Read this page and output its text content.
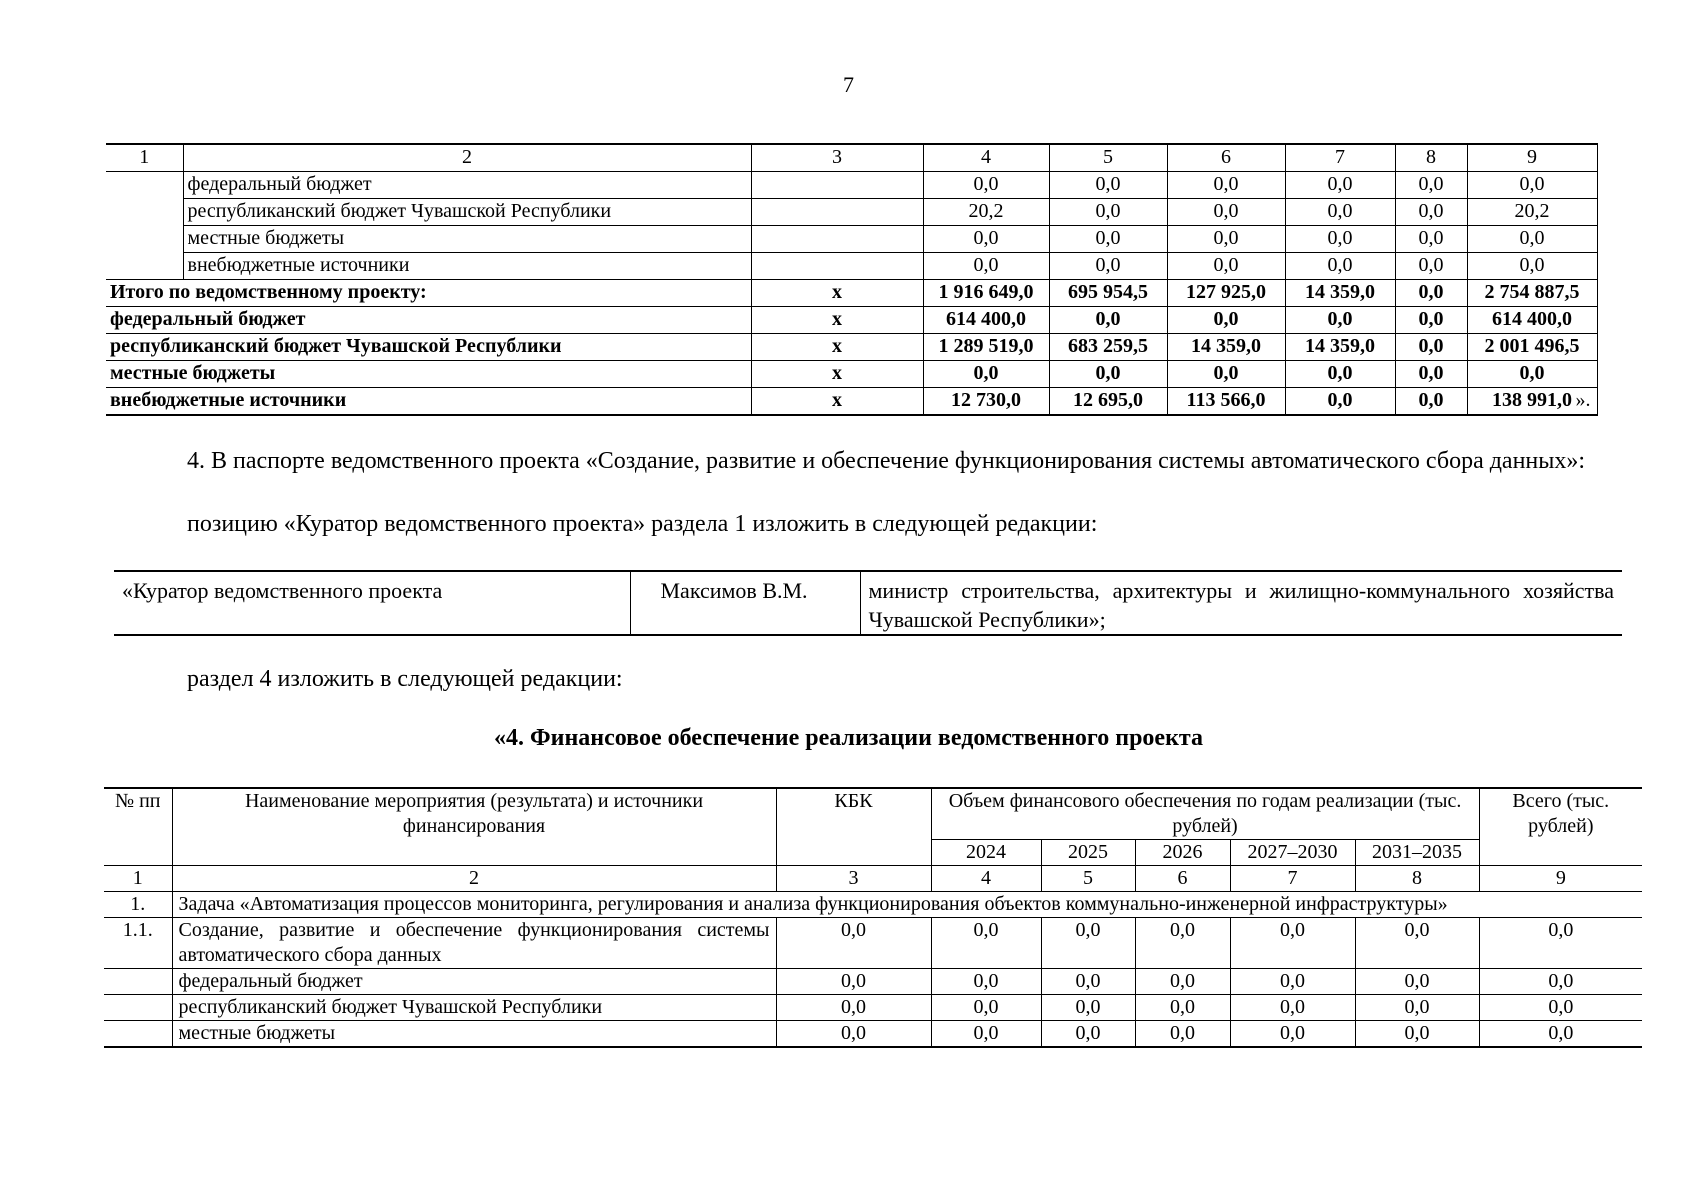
7
1	2	3	4	5	6	7	8	9
	федеральный бюджет		0,0	0,0	0,0	0,0	0,0	0,0
	республиканский бюджет Чувашской Республики		20,2	0,0	0,0	0,0	0,0	20,2
	местные бюджеты		0,0	0,0	0,0	0,0	0,0	0,0
	внебюджетные источники		0,0	0,0	0,0	0,0	0,0	0,0
Итого по ведомственному проекту:		x	1 916 649,0	695 954,5	127 925,0	14 359,0	0,0	2 754 887,5
федеральный бюджет		x	614 400,0	0,0	0,0	0,0	0,0	614 400,0
республиканский бюджет Чувашской Республики		x	1 289 519,0	683 259,5	14 359,0	14 359,0	0,0	2 001 496,5
местные бюджеты		x	0,0	0,0	0,0	0,0	0,0	0,0
внебюджетные источники		x	12 730,0	12 695,0	113 566,0	0,0	0,0	138 991,0 ».
4. В паспорте ведомственного проекта «Создание, развитие и обеспечение функционирования системы автоматического сбора данных»:
позицию «Куратор ведомственного проекта» раздела 1 изложить в следующей редакции:
«Куратор ведомственного проекта	Максимов В.М.	министр строительства, архитектуры и жилищно-коммунального хозяйства Чувашской Республики»;
раздел 4 изложить в следующей редакции:
«4. Финансовое обеспечение реализации ведомственного проекта
№ пп	Наименование мероприятия (результата) и источники финансирования	КБК	Объем финансового обеспечения по годам реализации (тыс. рублей)					Всего (тыс. рублей)
			2024	2025	2026	2027–2030	2031–2035	
1	2	3	4	5	6	7	8	9
1.	Задача «Автоматизация процессов мониторинга, регулирования и анализа функционирования объектов коммунально-инженерной инфраструктуры»							
1.1.	Создание, развитие и обеспечение функционирования системы автоматического сбора данных	0,0	0,0	0,0	0,0	0,0	0,0	0,0
	федеральный бюджет	0,0	0,0	0,0	0,0	0,0	0,0	0,0
	республиканский бюджет Чувашской Республики	0,0	0,0	0,0	0,0	0,0	0,0	0,0
	местные бюджеты	0,0	0,0	0,0	0,0	0,0	0,0	0,0
